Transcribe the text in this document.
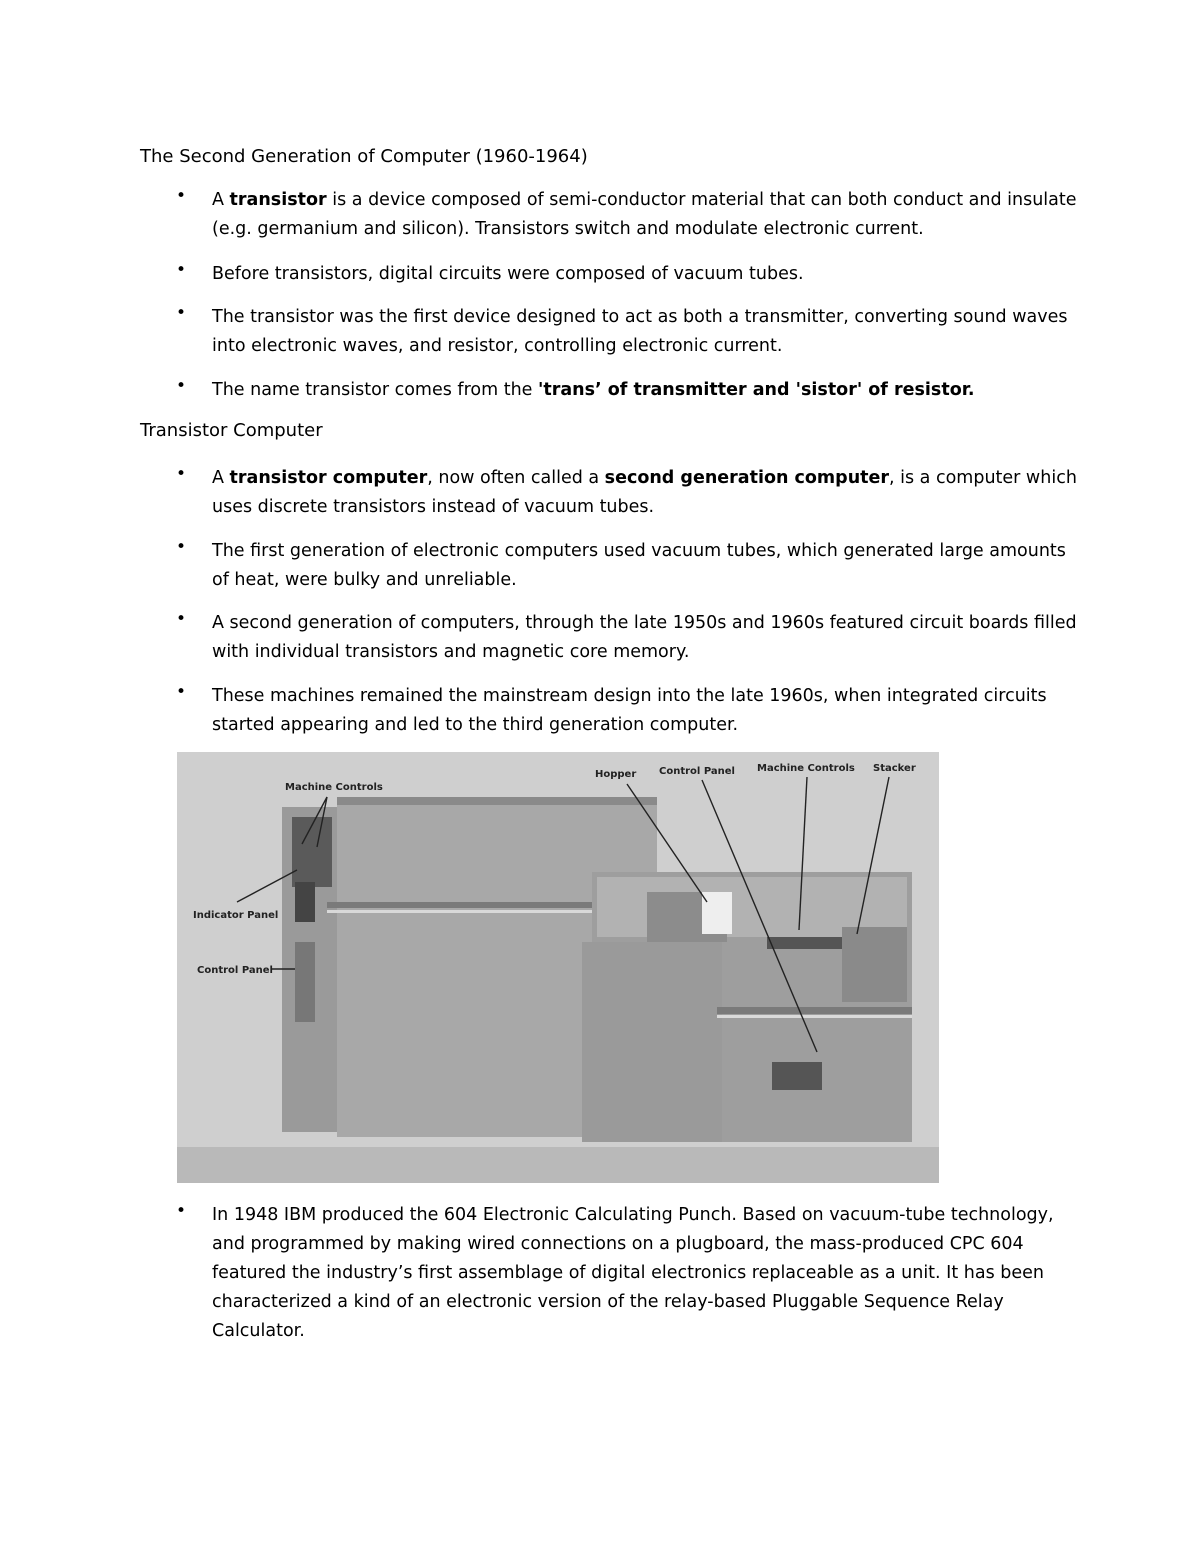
The Second Generation of Computer (1960-1964)
• A transistor is a device composed of semi-conductor material that can both conduct and insulate (e.g. germanium and silicon). Transistors switch and modulate electronic current.
• Before transistors, digital circuits were composed of vacuum tubes.
• The transistor was the first device designed to act as both a transmitter, converting sound waves into electronic waves, and resistor, controlling electronic current.
• The name transistor comes from the 'trans’ of transmitter and 'sistor' of resistor.
Transistor Computer
• A transistor computer, now often called a second generation computer, is a computer which uses discrete transistors instead of vacuum tubes.
• The first generation of electronic computers used vacuum tubes, which generated large amounts of heat, were bulky and unreliable.
• A second generation of computers, through the late 1950s and 1960s featured circuit boards filled with individual transistors and magnetic core memory.
• These machines remained the mainstream design into the late 1960s, when integrated circuits started appearing and led to the third generation computer.
Machine Controls
Indicator Panel
Control Panel
Hopper Control Panel Machine Controls Stacker
• In 1948 IBM produced the 604 Electronic Calculating Punch. Based on vacuum-tube technology, and programmed by making wired connections on a plugboard, the mass-produced CPC 604 featured the industry’s first assemblage of digital electronics replaceable as a unit. It has been characterized a kind of an electronic version of the relay-based Pluggable Sequence Relay Calculator.
